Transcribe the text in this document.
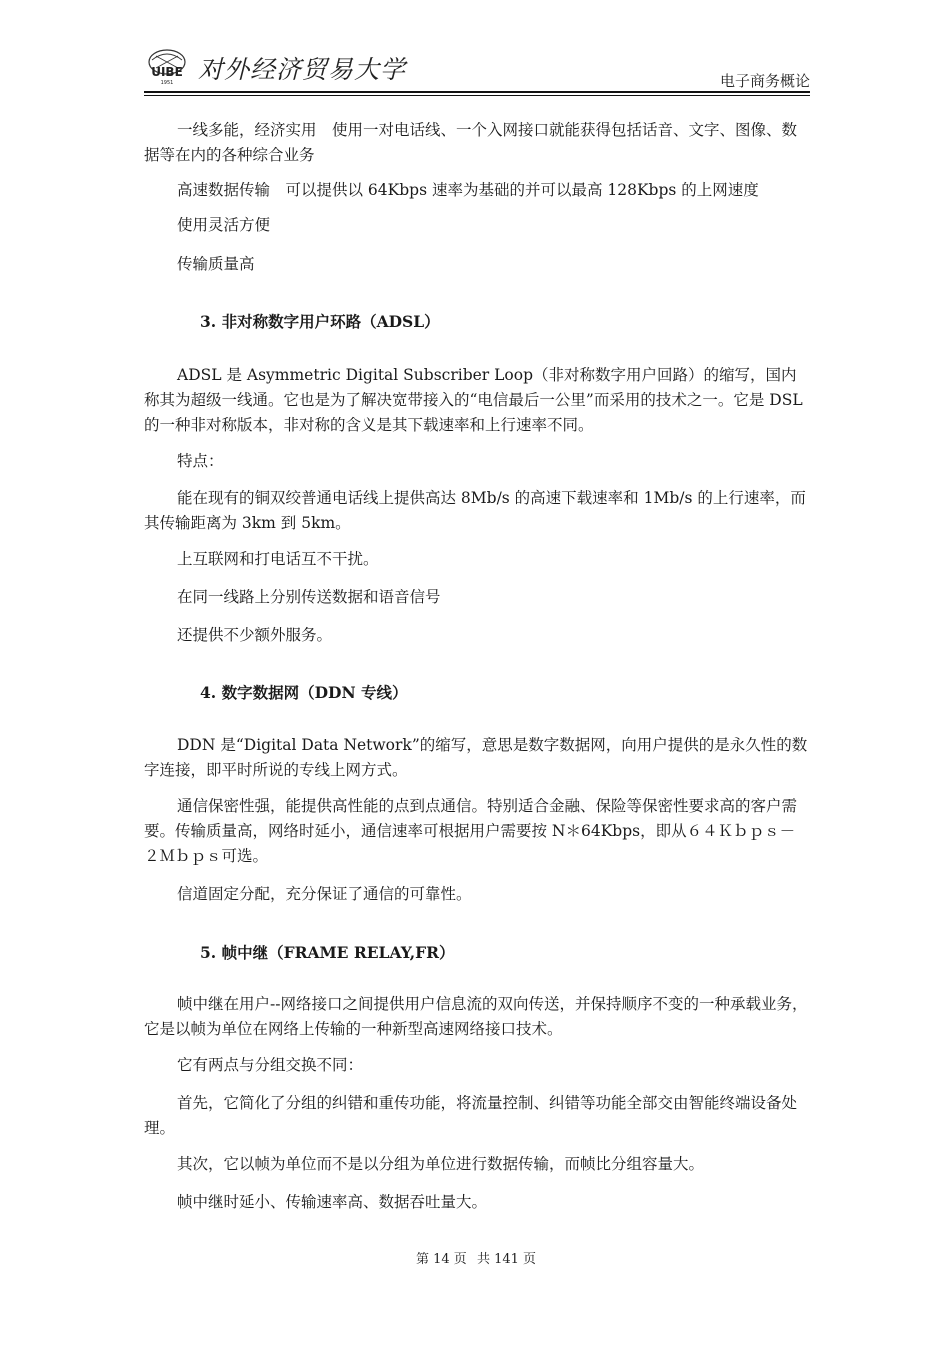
UIBE
1951 对外经济贸易大学	电子商务概论

一线多能，经济实用　使用一对电话线、一个入网接口就能获得包括话音、文字、图像、数据等在内的各种综合业务

高速数据传输　可以提供以 64Kbps 速率为基础的并可以最高 128Kbps 的上网速度

使用灵活方便

传输质量高

3. 非对称数字用户环路（ADSL）

ADSL 是 Asymmetric Digital Subscriber Loop（非对称数字用户回路）的缩写，国内称其为超级一线通。它也是为了解决宽带接入的“电信最后一公里”而采用的技术之一。它是 DSL 的一种非对称版本，非对称的含义是其下载速率和上行速率不同。

特点：

能在现有的铜双绞普通电话线上提供高达 8Mb/s 的高速下载速率和 1Mb/s 的上行速率，而其传输距离为 3km 到 5km。

上互联网和打电话互不干扰。

在同一线路上分别传送数据和语音信号

还提供不少额外服务。

4. 数字数据网（DDN 专线）

DDN 是“Digital Data Network”的缩写，意思是数字数据网，向用户提供的是永久性的数字连接，即平时所说的专线上网方式。

通信保密性强，能提供高性能的点到点通信。特别适合金融、保险等保密性要求高的客户需要。传输质量高，网络时延小，通信速率可根据用户需要按 N＊64Kbps，即从６４Ｋｂｐｓ－２Ｍｂｐｓ可选。

信道固定分配，充分保证了通信的可靠性。

5. 帧中继（FRAME RELAY,FR）

帧中继在用户--网络接口之间提供用户信息流的双向传送，并保持顺序不变的一种承载业务，它是以帧为单位在网络上传输的一种新型高速网络接口技术。

它有两点与分组交换不同：

首先，它简化了分组的纠错和重传功能，将流量控制、纠错等功能全部交由智能终端设备处理。

其次，它以帧为单位而不是以分组为单位进行数据传输，而帧比分组容量大。

帧中继时延小、传输速率高、数据吞吐量大。

第 14 页 共 141 页
